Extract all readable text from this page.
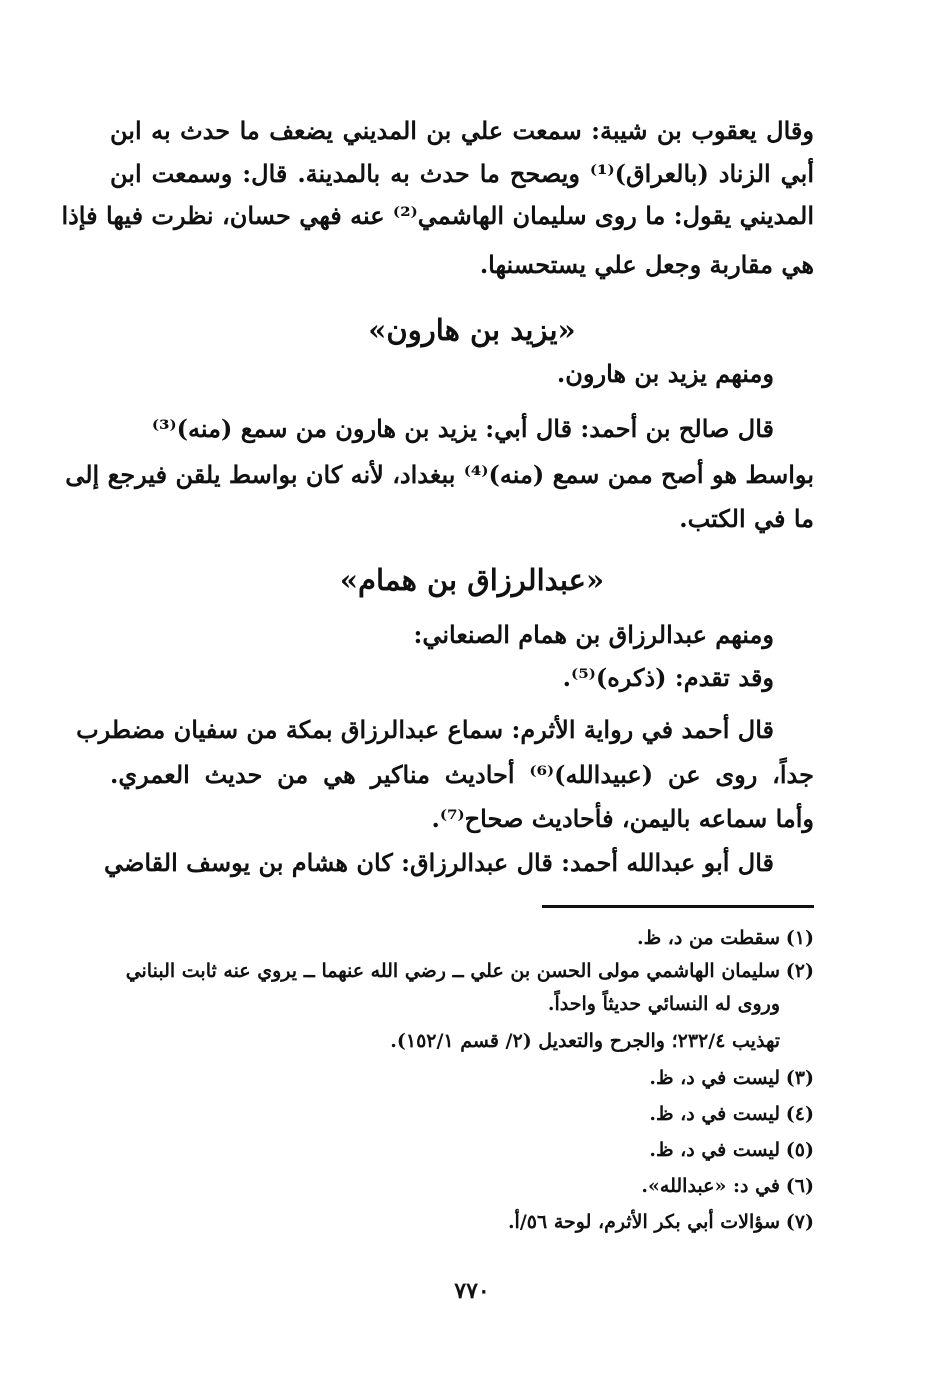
وقال يعقوب بن شيبة: سمعت علي بن المديني يضعف ما حدث به ابن
أبي الزناد (بالعراق)⁽¹⁾ ويصحح ما حدث به بالمدينة. قال: وسمعت ابن
المديني يقول: ما روى سليمان الهاشمي⁽²⁾ عنه فهي حسان، نظرت فيها فإذا
هي مقاربة وجعل علي يستحسنها.
«يزيد بن هارون»
ومنهم يزيد بن هارون.
قال صالح بن أحمد: قال أبي: يزيد بن هارون من سمع (منه)⁽³⁾
بواسط هو أصح ممن سمع (منه)⁽⁴⁾ ببغداد، لأنه كان بواسط يلقن فيرجع إلى
ما في الكتب.
«عبدالرزاق بن همام»
ومنهم عبدالرزاق بن همام الصنعاني:
وقد تقدم: (ذكره)⁽⁵⁾.
قال أحمد في رواية الأثرم: سماع عبدالرزاق بمكة من سفيان مضطرب
جداً، روى عن (عبيدالله)⁽⁶⁾ أحاديث مناكير هي من حديث العمري.
وأما سماعه باليمن، فأحاديث صحاح⁽⁷⁾.
قال أبو عبدالله أحمد: قال عبدالرزاق: كان هشام بن يوسف القاضي
(١)سقطت من د، ظ.
(٢)سليمان الهاشمي مولى الحسن بن علي ــ رضي الله عنهما ــ يروي عنه ثابت البناني
وروى له النسائي حديثاً واحداً.
تهذيب ٢٣٢/٤؛ والجرح والتعديل (٢/ قسم ١٥٢/١).
(٣)ليست في د، ظ.
(٤)ليست في د، ظ.
(٥)ليست في د، ظ.
(٦)في د: «عبدالله».
(٧)سؤالات أبي بكر الأثرم، لوحة ٥٦/أ.
٧٧٠
